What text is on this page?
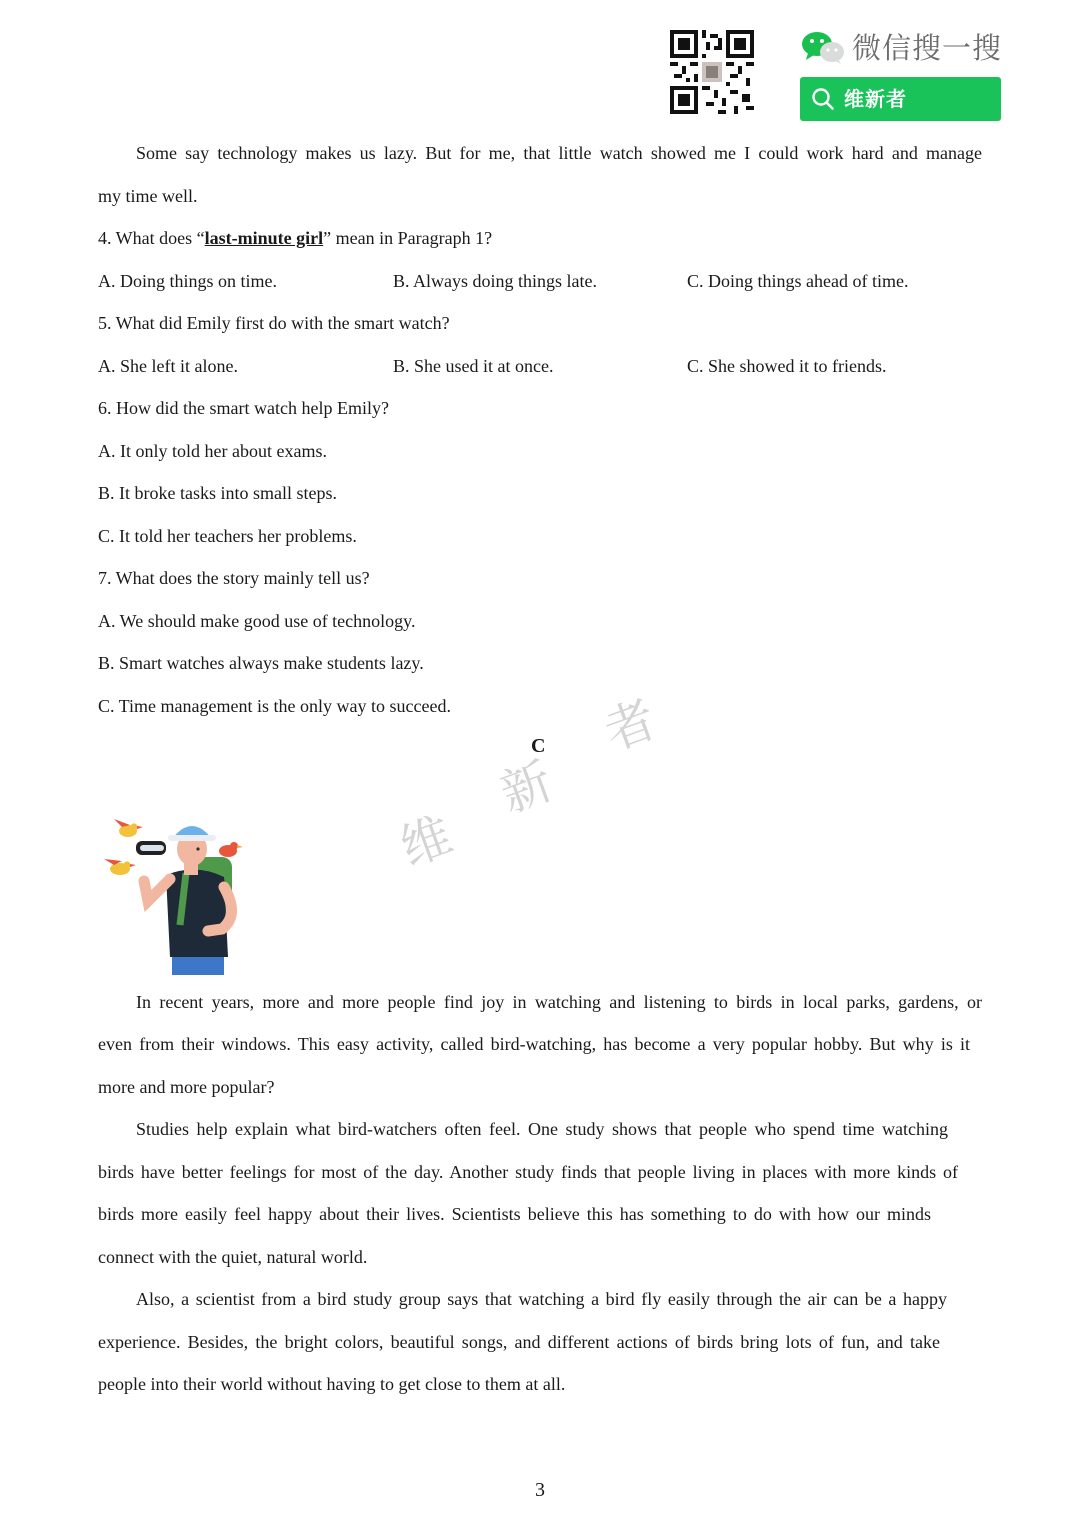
微信搜一搜
维新者
Some say technology makes us lazy. But for me, that little watch showed me I could work hard and manage
my time well.
4. What does “last-minute girl” mean in Paragraph 1?
A. Doing things on time.	B. Always doing things late.	C. Doing things ahead of time.
5. What did Emily first do with the smart watch?
A. She left it alone.	B. She used it at once.	C. She showed it to friends.
6. How did the smart watch help Emily?
A. It only told her about exams.
B. It broke tasks into small steps.
C. It told her teachers her problems.
7. What does the story mainly tell us?
A. We should make good use of technology.
B. Smart watches always make students lazy.
C. Time management is the only way to succeed.
维
新
者
C
In recent years, more and more people find joy in watching and listening to birds in local parks, gardens, or
even from their windows. This easy activity, called bird-watching, has become a very popular hobby. But why is it
more and more popular?
Studies help explain what bird-watchers often feel. One study shows that people who spend time watching
birds have better feelings for most of the day. Another study finds that people living in places with more kinds of
birds more easily feel happy about their lives. Scientists believe this has something to do with how our minds
connect with the quiet, natural world.
Also, a scientist from a bird study group says that watching a bird fly easily through the air can be a happy
experience. Besides, the bright colors, beautiful songs, and different actions of birds bring lots of fun, and take
people into their world without having to get close to them at all.
3
